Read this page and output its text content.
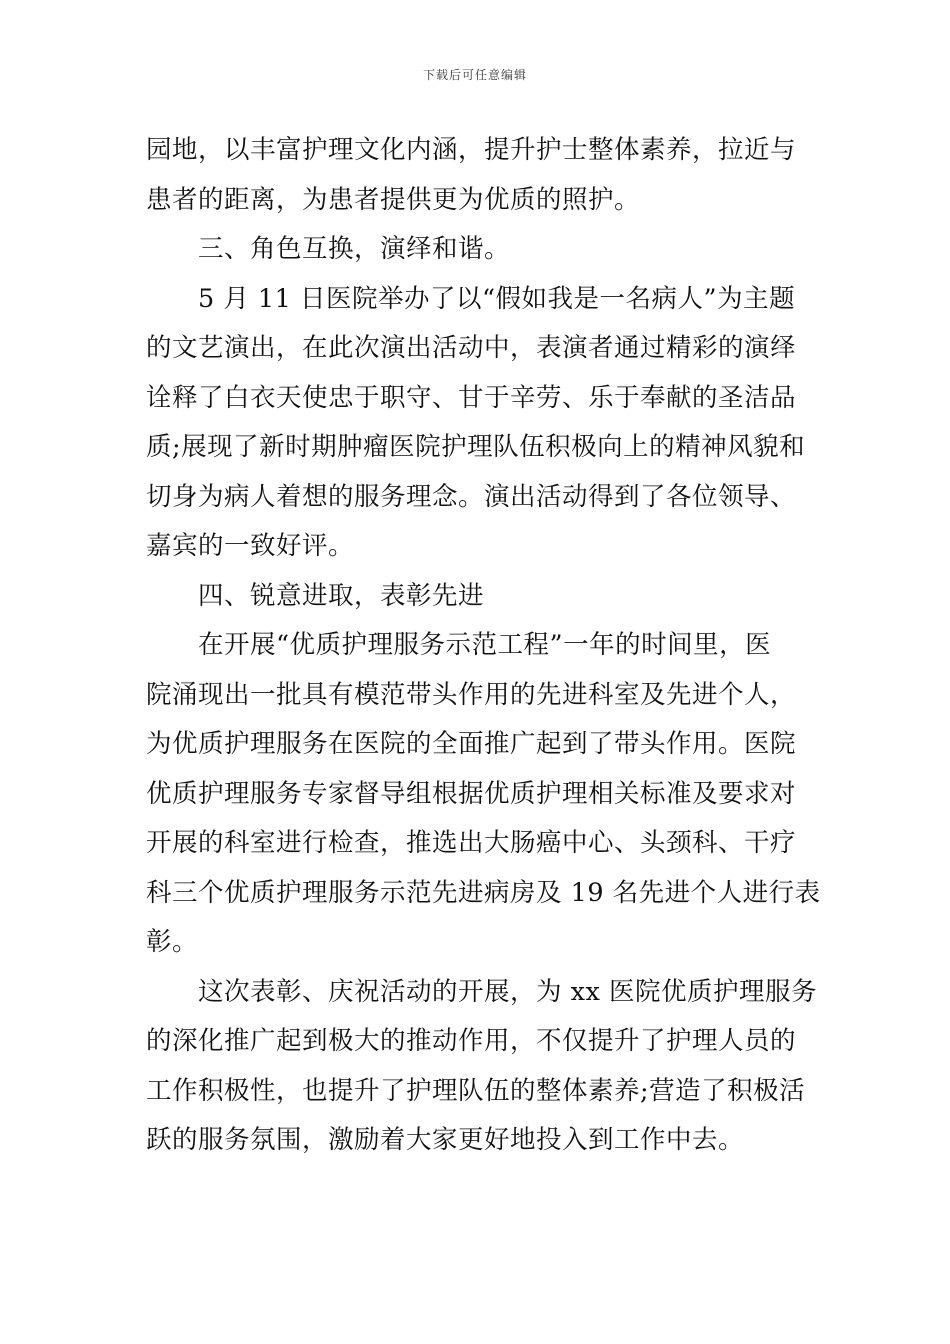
下载后可任意编辑
园地，以丰富护理文化内涵，提升护士整体素养，拉近与
患者的距离，为患者提供更为优质的照护。
三、角色互换，演绎和谐。
5 月 11 日医院举办了以“假如我是一名病人”为主题
的文艺演出，在此次演出活动中，表演者通过精彩的演绎
诠释了白衣天使忠于职守、甘于辛劳、乐于奉献的圣洁品
质;展现了新时期肿瘤医院护理队伍积极向上的精神风貌和
切身为病人着想的服务理念。演出活动得到了各位领导、
嘉宾的一致好评。
四、锐意进取，表彰先进
在开展“优质护理服务示范工程”一年的时间里，医
院涌现出一批具有模范带头作用的先进科室及先进个人，
为优质护理服务在医院的全面推广起到了带头作用。医院
优质护理服务专家督导组根据优质护理相关标准及要求对
开展的科室进行检查，推选出大肠癌中心、头颈科、干疗
科三个优质护理服务示范先进病房及 19 名先进个人进行表
彰。
这次表彰、庆祝活动的开展，为 xx 医院优质护理服务
的深化推广起到极大的推动作用，不仅提升了护理人员的
工作积极性，也提升了护理队伍的整体素养;营造了积极活
跃的服务氛围，激励着大家更好地投入到工作中去。
